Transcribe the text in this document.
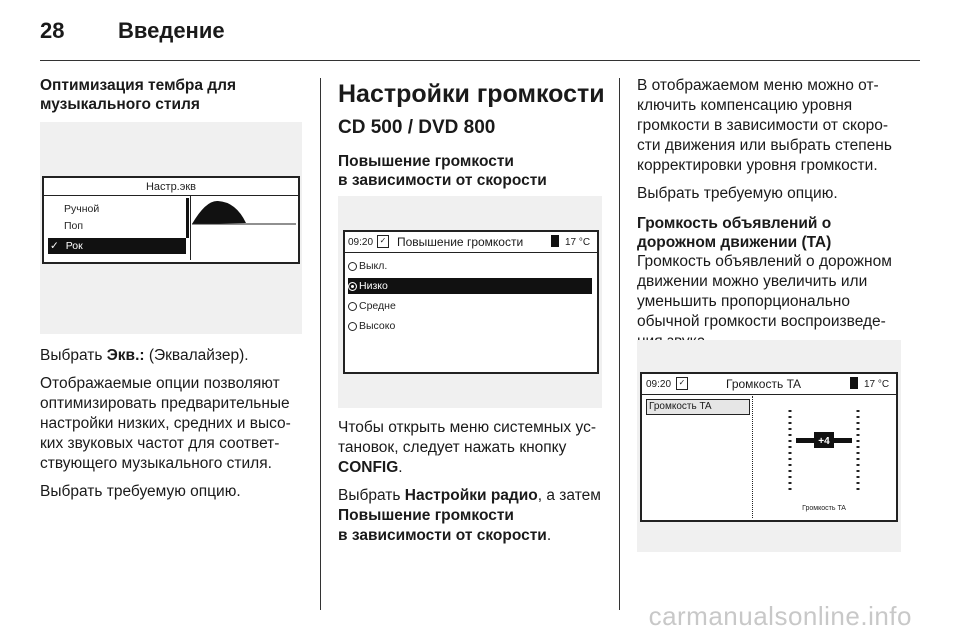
28 Введение
Оптимизация тембра для музыкального стиля
Настр.экв
Ручной
Поп
✓ Рок

Выбрать Экв.: (Эквалайзер).

Отображаемые опции позволяют оптимизировать предварительные настройки низких, средних и высо-ких звуковых частот для соответ-ствующего музыкального стиля.

Выбрать требуемую опцию.

Настройки громкости
CD 500 / DVD 800
Повышение громкости
в зависимости от скорости
09:20 ✓ Повышение громкости	17 °C
Выкл.
Низко
Средне
Высоко

Чтобы открыть меню системных ус-тановок, следует нажать кнопку CONFIG.

Выбрать Настройки радио, а затем
Повышение громкости
в зависимости от скорости.

В отображаемом меню можно от-ключить компенсацию уровня громкости в зависимости от скоро-сти движения или выбрать степень корректировки уровня громкости.

Выбрать требуемую опцию.

Громкость объявлений о дорожном движении (TA)

Громкость объявлений о дорожном движении можно увеличить или уменьшить пропорционально обычной громкости воспроизведе-

09:20 ✓	Громкость TA	17 °C
Громкость TA
+4
Громкость TA
carmanualsonline.info
